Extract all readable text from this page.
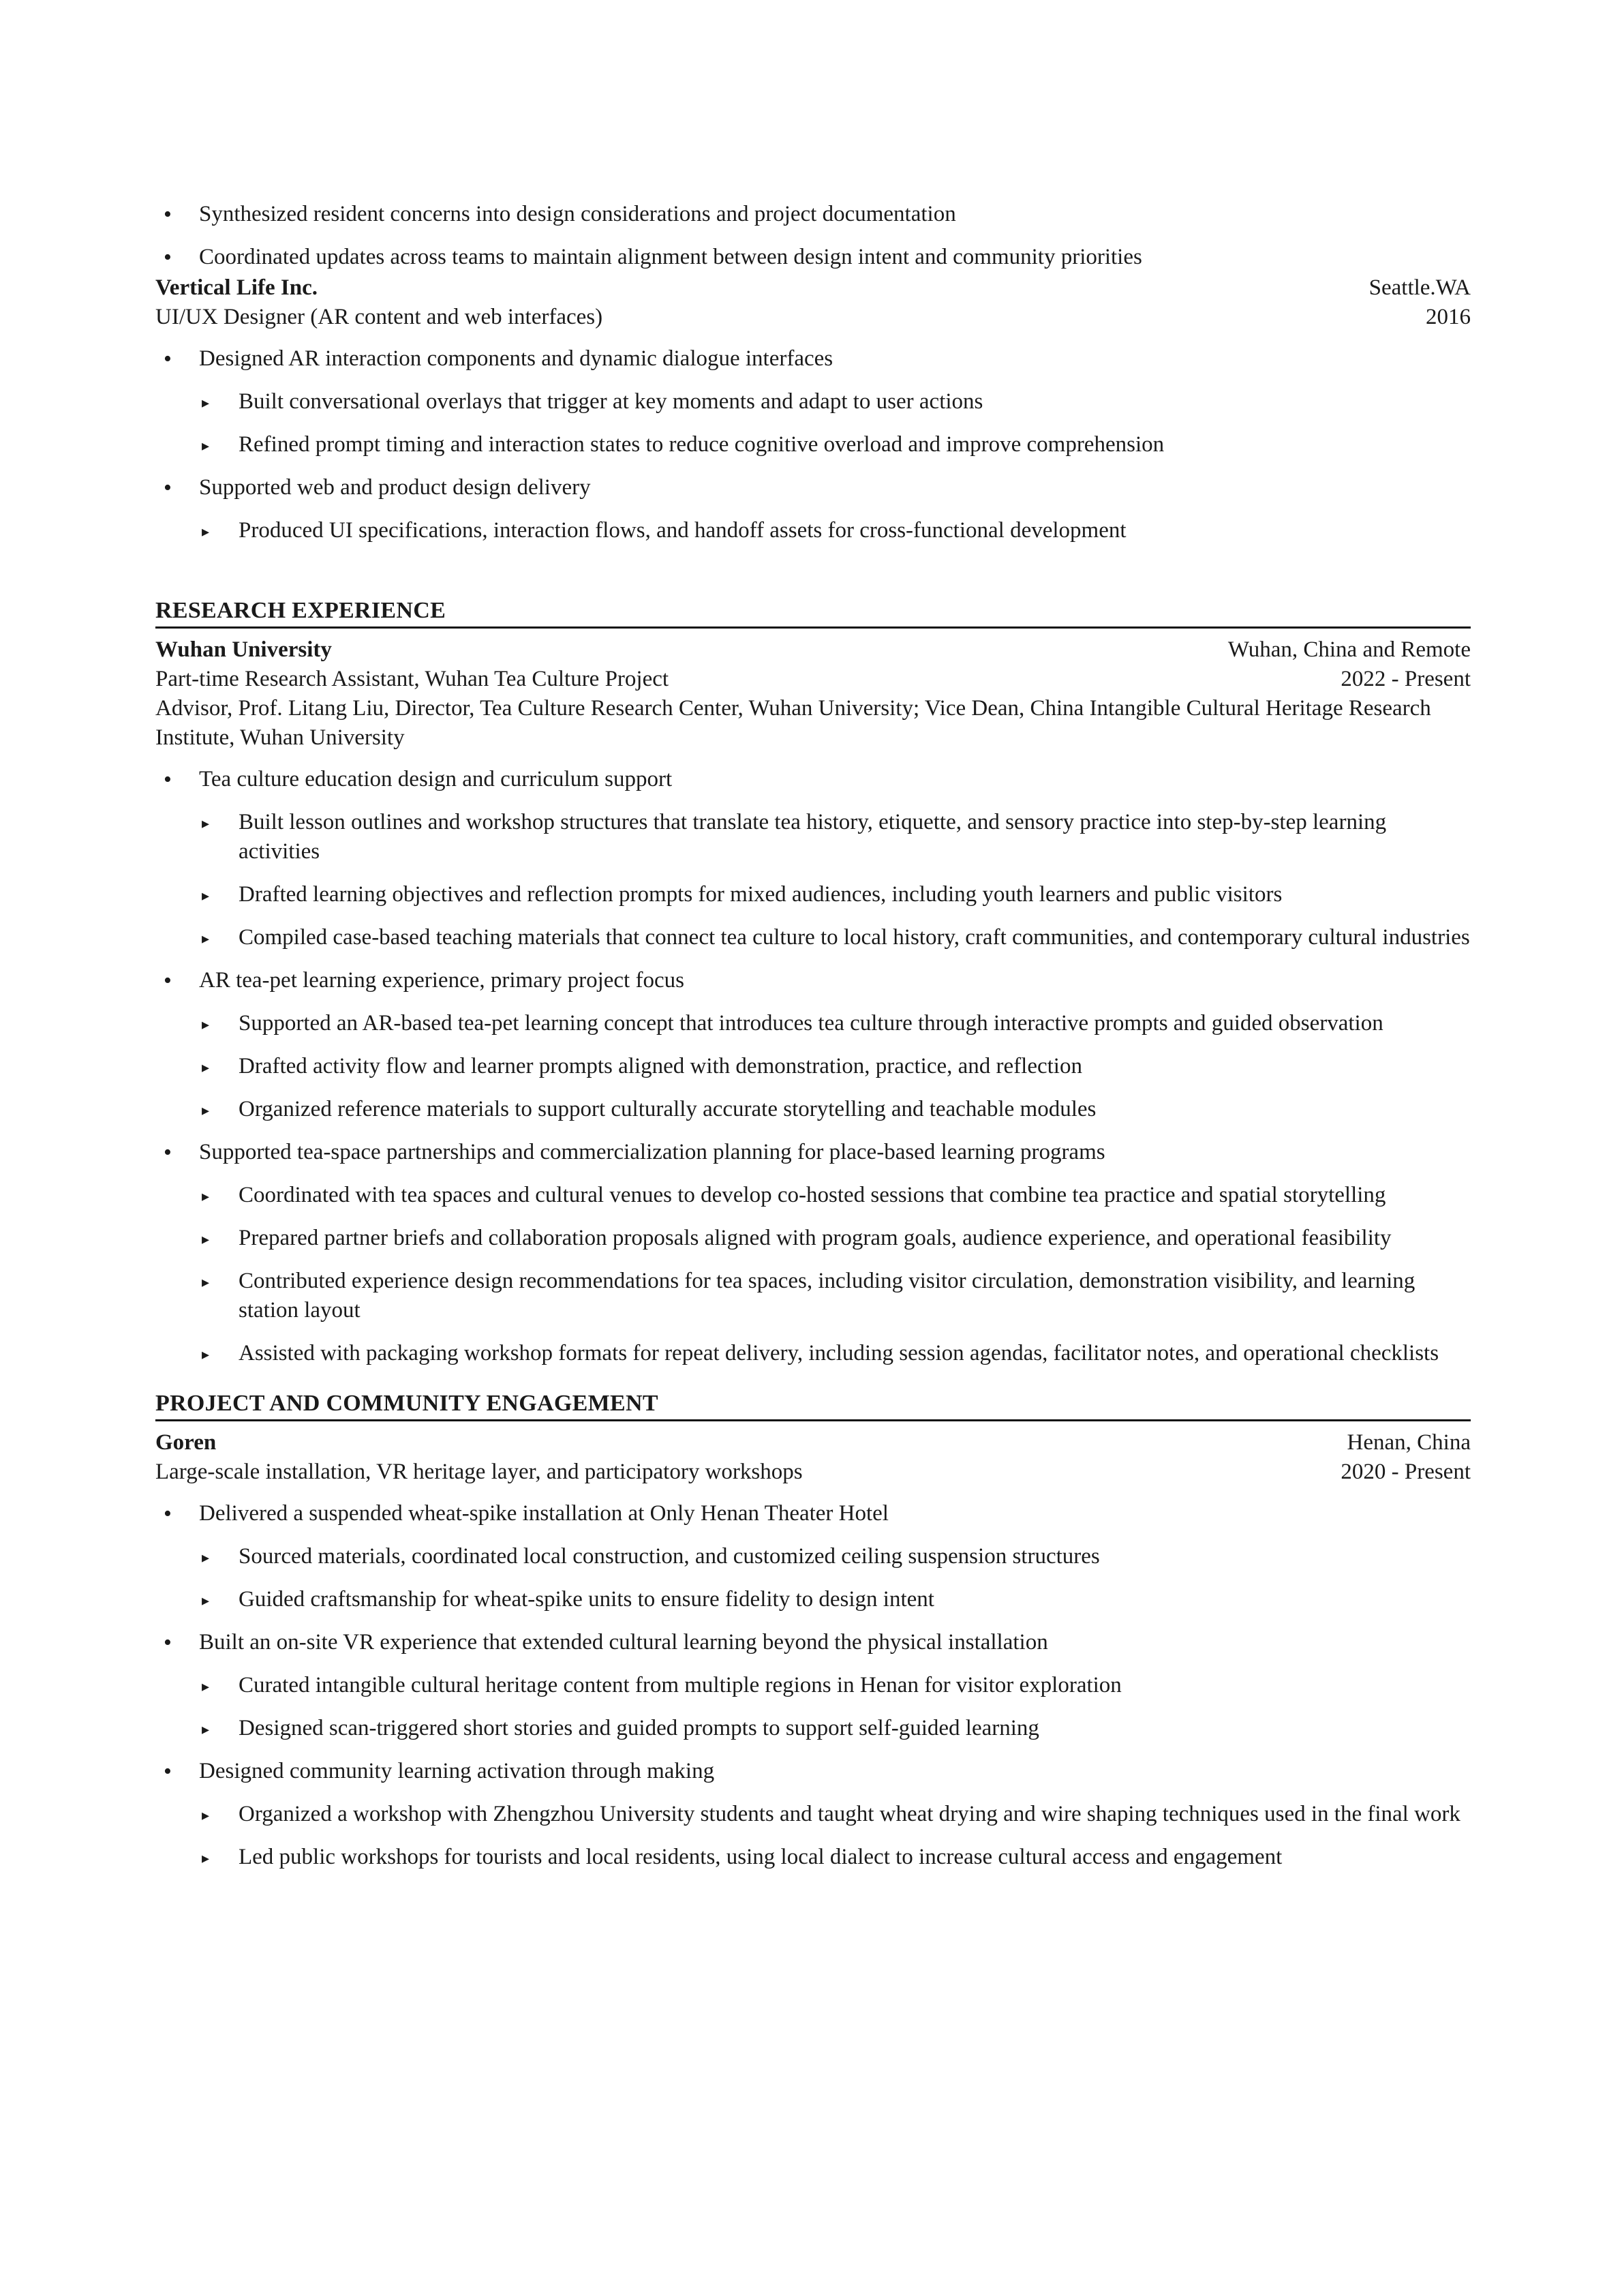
• Synthesized resident concerns into design considerations and project documentation
• Coordinated updates across teams to maintain alignment between design intent and community priorities
Vertical Life Inc.	Seattle.WA
UI/UX Designer (AR content and web interfaces)	2016
• Designed AR interaction components and dynamic dialogue interfaces
▸ Built conversational overlays that trigger at key moments and adapt to user actions
▸ Refined prompt timing and interaction states to reduce cognitive overload and improve comprehension
• Supported web and product design delivery
▸ Produced UI specifications, interaction flows, and handoff assets for cross-functional development
RESEARCH EXPERIENCE
Wuhan University	Wuhan, China and Remote
Part-time Research Assistant, Wuhan Tea Culture Project	2022 - Present
Advisor, Prof. Litang Liu, Director, Tea Culture Research Center, Wuhan University; Vice Dean, China Intangible Cultural Heritage Research Institute, Wuhan University
• Tea culture education design and curriculum support
▸ Built lesson outlines and workshop structures that translate tea history, etiquette, and sensory practice into step-by-step learning activities
▸ Drafted learning objectives and reflection prompts for mixed audiences, including youth learners and public visitors
▸ Compiled case-based teaching materials that connect tea culture to local history, craft communities, and contemporary cultural industries
• AR tea-pet learning experience, primary project focus
▸ Supported an AR-based tea-pet learning concept that introduces tea culture through interactive prompts and guided observation
▸ Drafted activity flow and learner prompts aligned with demonstration, practice, and reflection
▸ Organized reference materials to support culturally accurate storytelling and teachable modules
• Supported tea-space partnerships and commercialization planning for place-based learning programs
▸ Coordinated with tea spaces and cultural venues to develop co-hosted sessions that combine tea practice and spatial storytelling
▸ Prepared partner briefs and collaboration proposals aligned with program goals, audience experience, and operational feasibility
▸ Contributed experience design recommendations for tea spaces, including visitor circulation, demonstration visibility, and learning station layout
▸ Assisted with packaging workshop formats for repeat delivery, including session agendas, facilitator notes, and operational checklists
PROJECT AND COMMUNITY ENGAGEMENT
Goren	Henan, China
Large-scale installation, VR heritage layer, and participatory workshops	2020 - Present
• Delivered a suspended wheat-spike installation at Only Henan Theater Hotel
▸ Sourced materials, coordinated local construction, and customized ceiling suspension structures
▸ Guided craftsmanship for wheat-spike units to ensure fidelity to design intent
• Built an on-site VR experience that extended cultural learning beyond the physical installation
▸ Curated intangible cultural heritage content from multiple regions in Henan for visitor exploration
▸ Designed scan-triggered short stories and guided prompts to support self-guided learning
• Designed community learning activation through making
▸ Organized a workshop with Zhengzhou University students and taught wheat drying and wire shaping techniques used in the final work
▸ Led public workshops for tourists and local residents, using local dialect to increase cultural access and engagement
